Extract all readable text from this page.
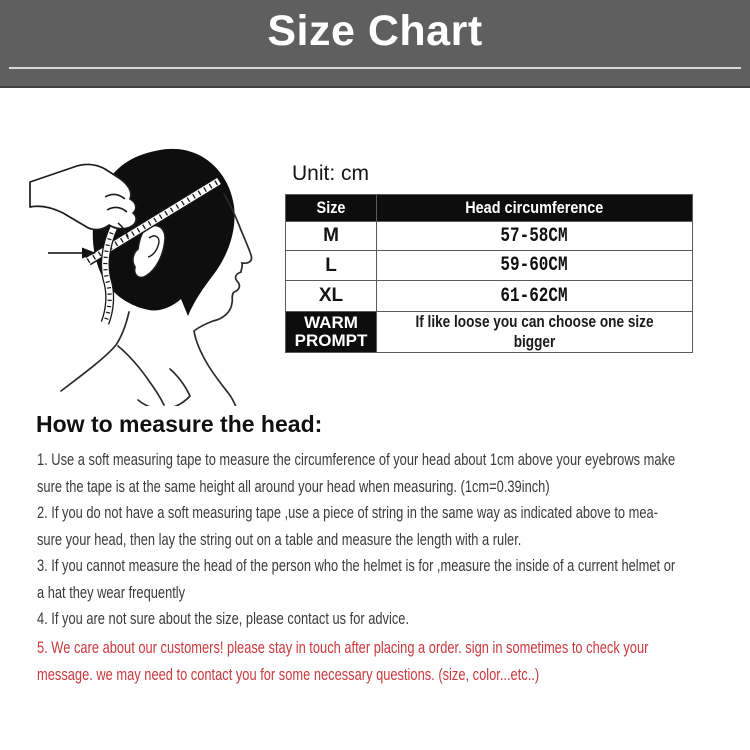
Size Chart
Unit: cm
Size	Head circumference
M	57-58CM
L	59-60CM
XL	61-62CM
WARM PROMPT	If like loose you can choose one size bigger
How to measure the head:
1. Use a soft measuring tape to measure the circumference of your head about 1cm above your eyebrows make
sure the tape is at the same height all around your head when measuring. (1cm=0.39inch)
2. If you do not have a soft measuring tape ,use a piece of string in the same way as indicated above to mea-
sure your head, then lay the string out on a table and measure the length with a ruler.
3. If you cannot measure the head of the person who the helmet is for ,measure the inside of a current helmet or
a hat they wear frequently
4. If you are not sure about the size, please contact us for advice.
5. We care about our customers! please stay in touch after placing a order. sign in sometimes to check your
message. we may need to contact you for some necessary questions. (size, color...etc..)
